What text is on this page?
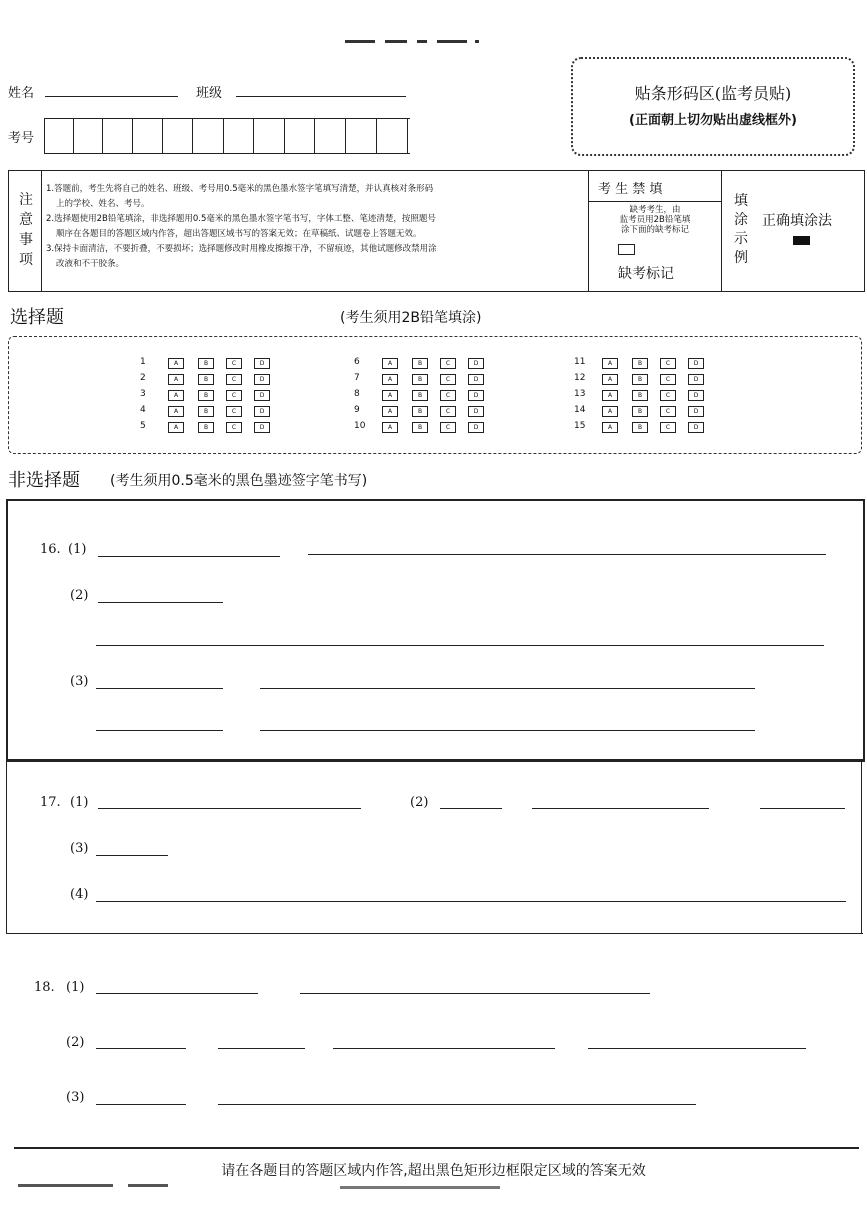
姓名	班级
考号
贴条形码区(监考员贴)
(正面朝上切勿贴出虚线框外)
注
意
事
项
1.答题前，考生先将自己的姓名、班级、考号用0.5毫米的黑色墨水签字笔填写清楚，并认真核对条形码
上的学校、姓名、考号。
2.选择题使用2B铅笔填涂，非选择题用0.5毫米的黑色墨水签字笔书写，字体工整、笔迹清楚，按照题号
顺序在各题目的答题区域内作答，超出答题区域书写的答案无效；在草稿纸、试题卷上答题无效。
3.保持卡面清洁，不要折叠，不要损坏；选择题修改时用橡皮擦擦干净，不留痕迹，其他试题修改禁用涂
改液和不干胶条。
考 生 禁 填
缺考考生，由
监考员用2B铅笔填
涂下面的缺考标记
缺考标记
填
涂
示
例
正确填涂法
选择题	(考生须用2B铅笔填涂)
1	A	B	C	D
2	A	B	C	D
3	A	B	C	D
4	A	B	C	D
5	A	B	C	D
6	A	B	C	D
7	A	B	C	D
8	A	B	C	D
9	A	B	C	D
10	A	B	C	D
11	A	B	C	D
12	A	B	C	D
13	A	B	C	D
14	A	B	C	D
15	A	B	C	D
非选择题 (考生须用0.5毫米的黑色墨迹签字笔书写)
16. (1)
(2)
(3)
17. (1)	(2)
(3)
(4)
18. (1)
(2)
(3)
请在各题目的答题区域内作答,超出黑色矩形边框限定区域的答案无效
